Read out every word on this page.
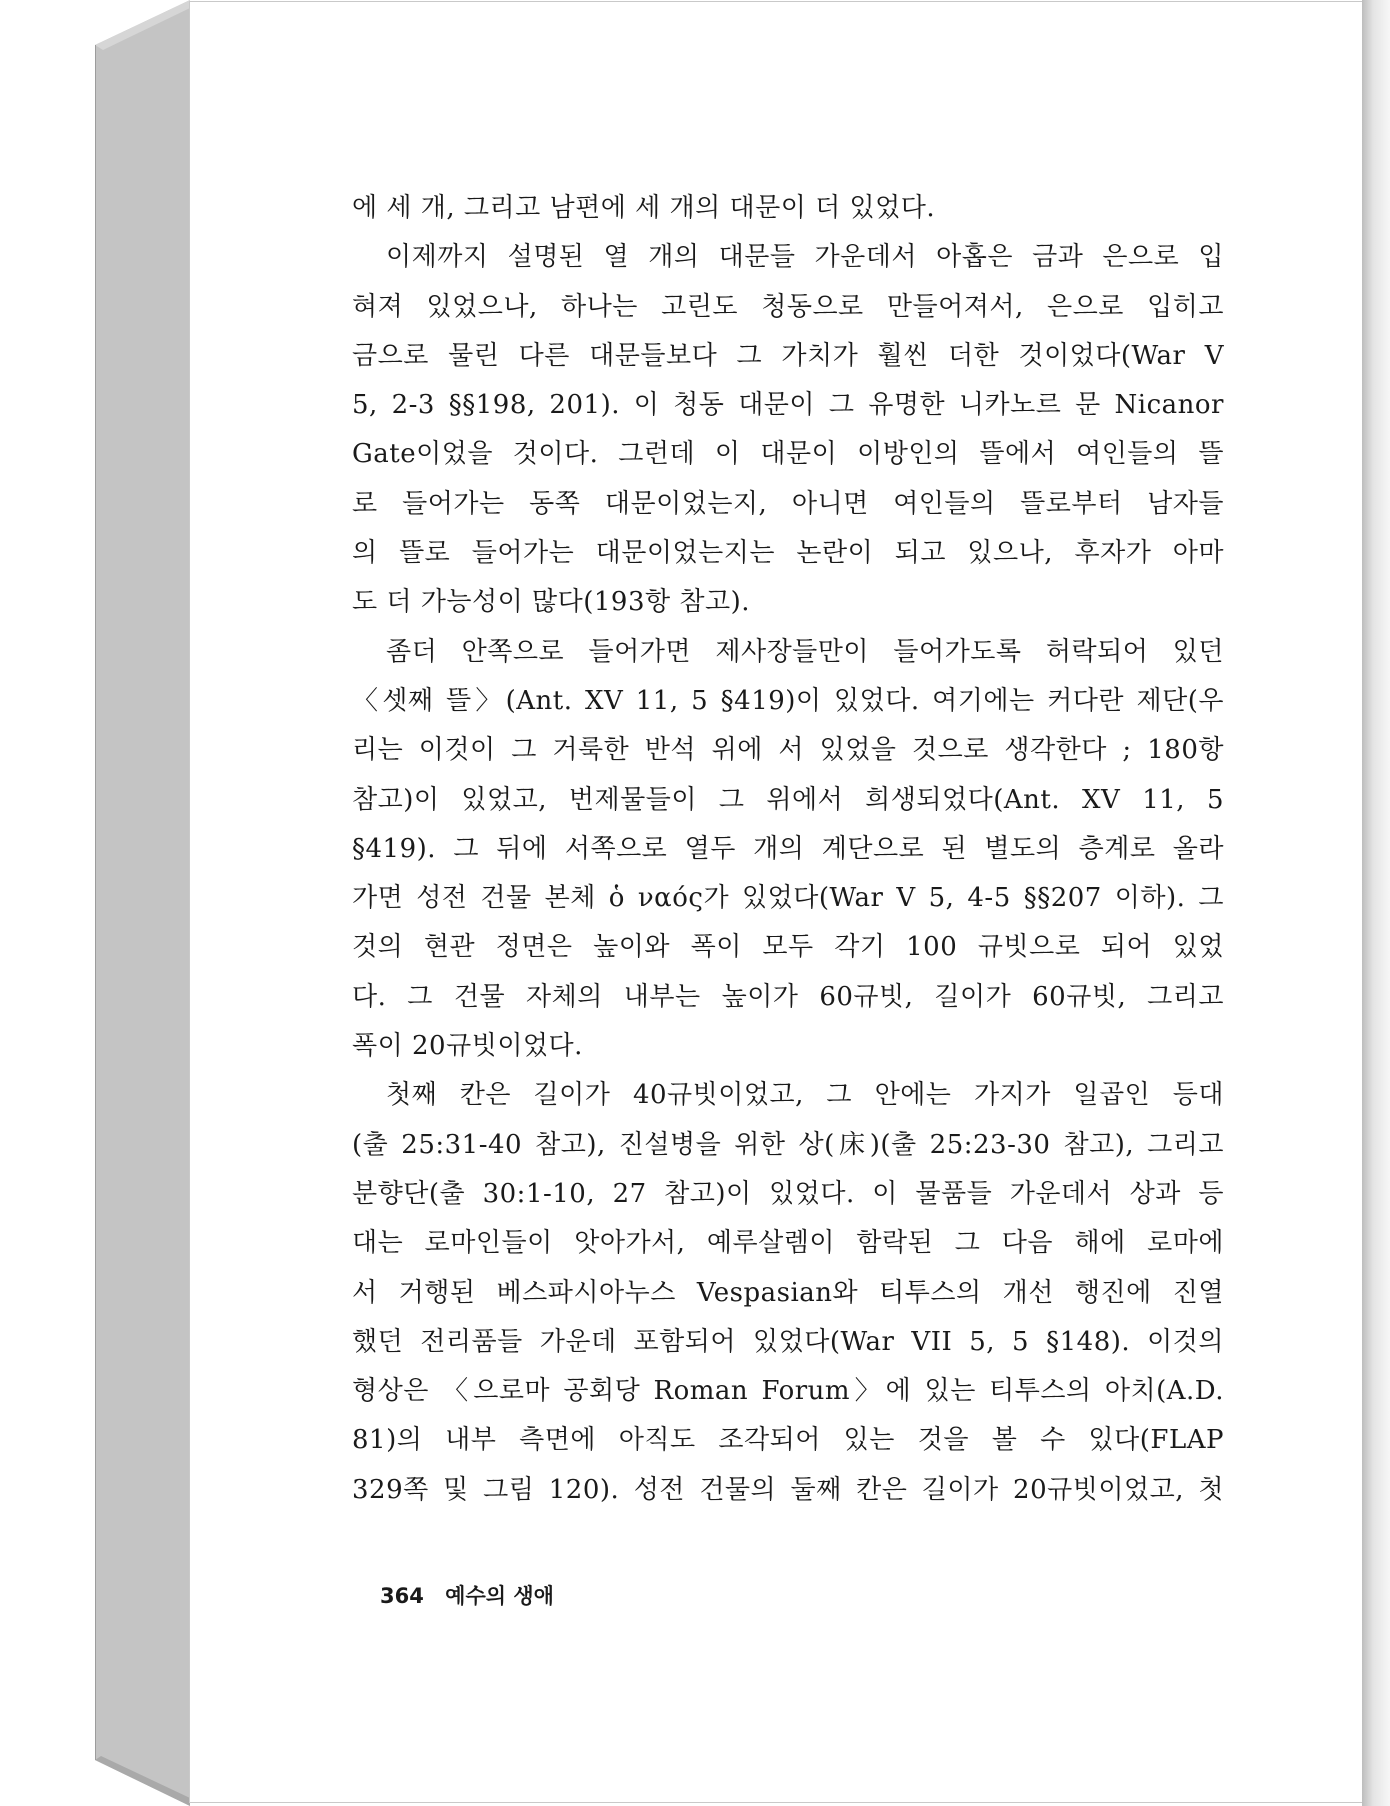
에 세 개, 그리고 남편에 세 개의 대문이 더 있었다.
이제까지 설명된 열 개의 대문들 가운데서 아홉은 금과 은으로 입
혀져 있었으나, 하나는 고린도 청동으로 만들어져서, 은으로 입히고
금으로 물린 다른 대문들보다 그 가치가 훨씬 더한 것이었다(War V
5, 2-3 §§198, 201). 이 청동 대문이 그 유명한 니카노르 문 Nicanor
Gate이었을 것이다. 그런데 이 대문이 이방인의 뜰에서 여인들의 뜰
로 들어가는 동쪽 대문이었는지, 아니면 여인들의 뜰로부터 남자들
의 뜰로 들어가는 대문이었는지는 논란이 되고 있으나, 후자가 아마
도 더 가능성이 많다(193항 참고).
좀더 안쪽으로 들어가면 제사장들만이 들어가도록 허락되어 있던
〈셋째 뜰〉(Ant. XV 11, 5 §419)이 있었다. 여기에는 커다란 제단(우
리는 이것이 그 거룩한 반석 위에 서 있었을 것으로 생각한다 ; 180항
참고)이 있었고, 번제물들이 그 위에서 희생되었다(Ant. XV 11, 5
§419). 그 뒤에 서쪽으로 열두 개의 계단으로 된 별도의 층계로 올라
가면 성전 건물 본체 ὁ ναός가 있었다(War V 5, 4-5 §§207 이하). 그
것의 현관 정면은 높이와 폭이 모두 각기 100 규빗으로 되어 있었
다. 그 건물 자체의 내부는 높이가 60규빗, 길이가 60규빗, 그리고
폭이 20규빗이었다.
첫째 칸은 길이가 40규빗이었고, 그 안에는 가지가 일곱인 등대
(출 25:31-40 참고), 진설병을 위한 상(床)(출 25:23-30 참고), 그리고
분향단(출 30:1-10, 27 참고)이 있었다. 이 물품들 가운데서 상과 등
대는 로마인들이 앗아가서, 예루살렘이 함락된 그 다음 해에 로마에
서 거행된 베스파시아누스 Vespasian와 티투스의 개선 행진에 진열
했던 전리품들 가운데 포함되어 있었다(War VII 5, 5 §148). 이것의
형상은 〈으로마 공회당 Roman Forum〉에 있는 티투스의 아치(A.D.
81)의 내부 측면에 아직도 조각되어 있는 것을 볼 수 있다(FLAP
329쪽 및 그림 120). 성전 건물의 둘째 칸은 길이가 20규빗이었고, 첫
364 예수의 생애
